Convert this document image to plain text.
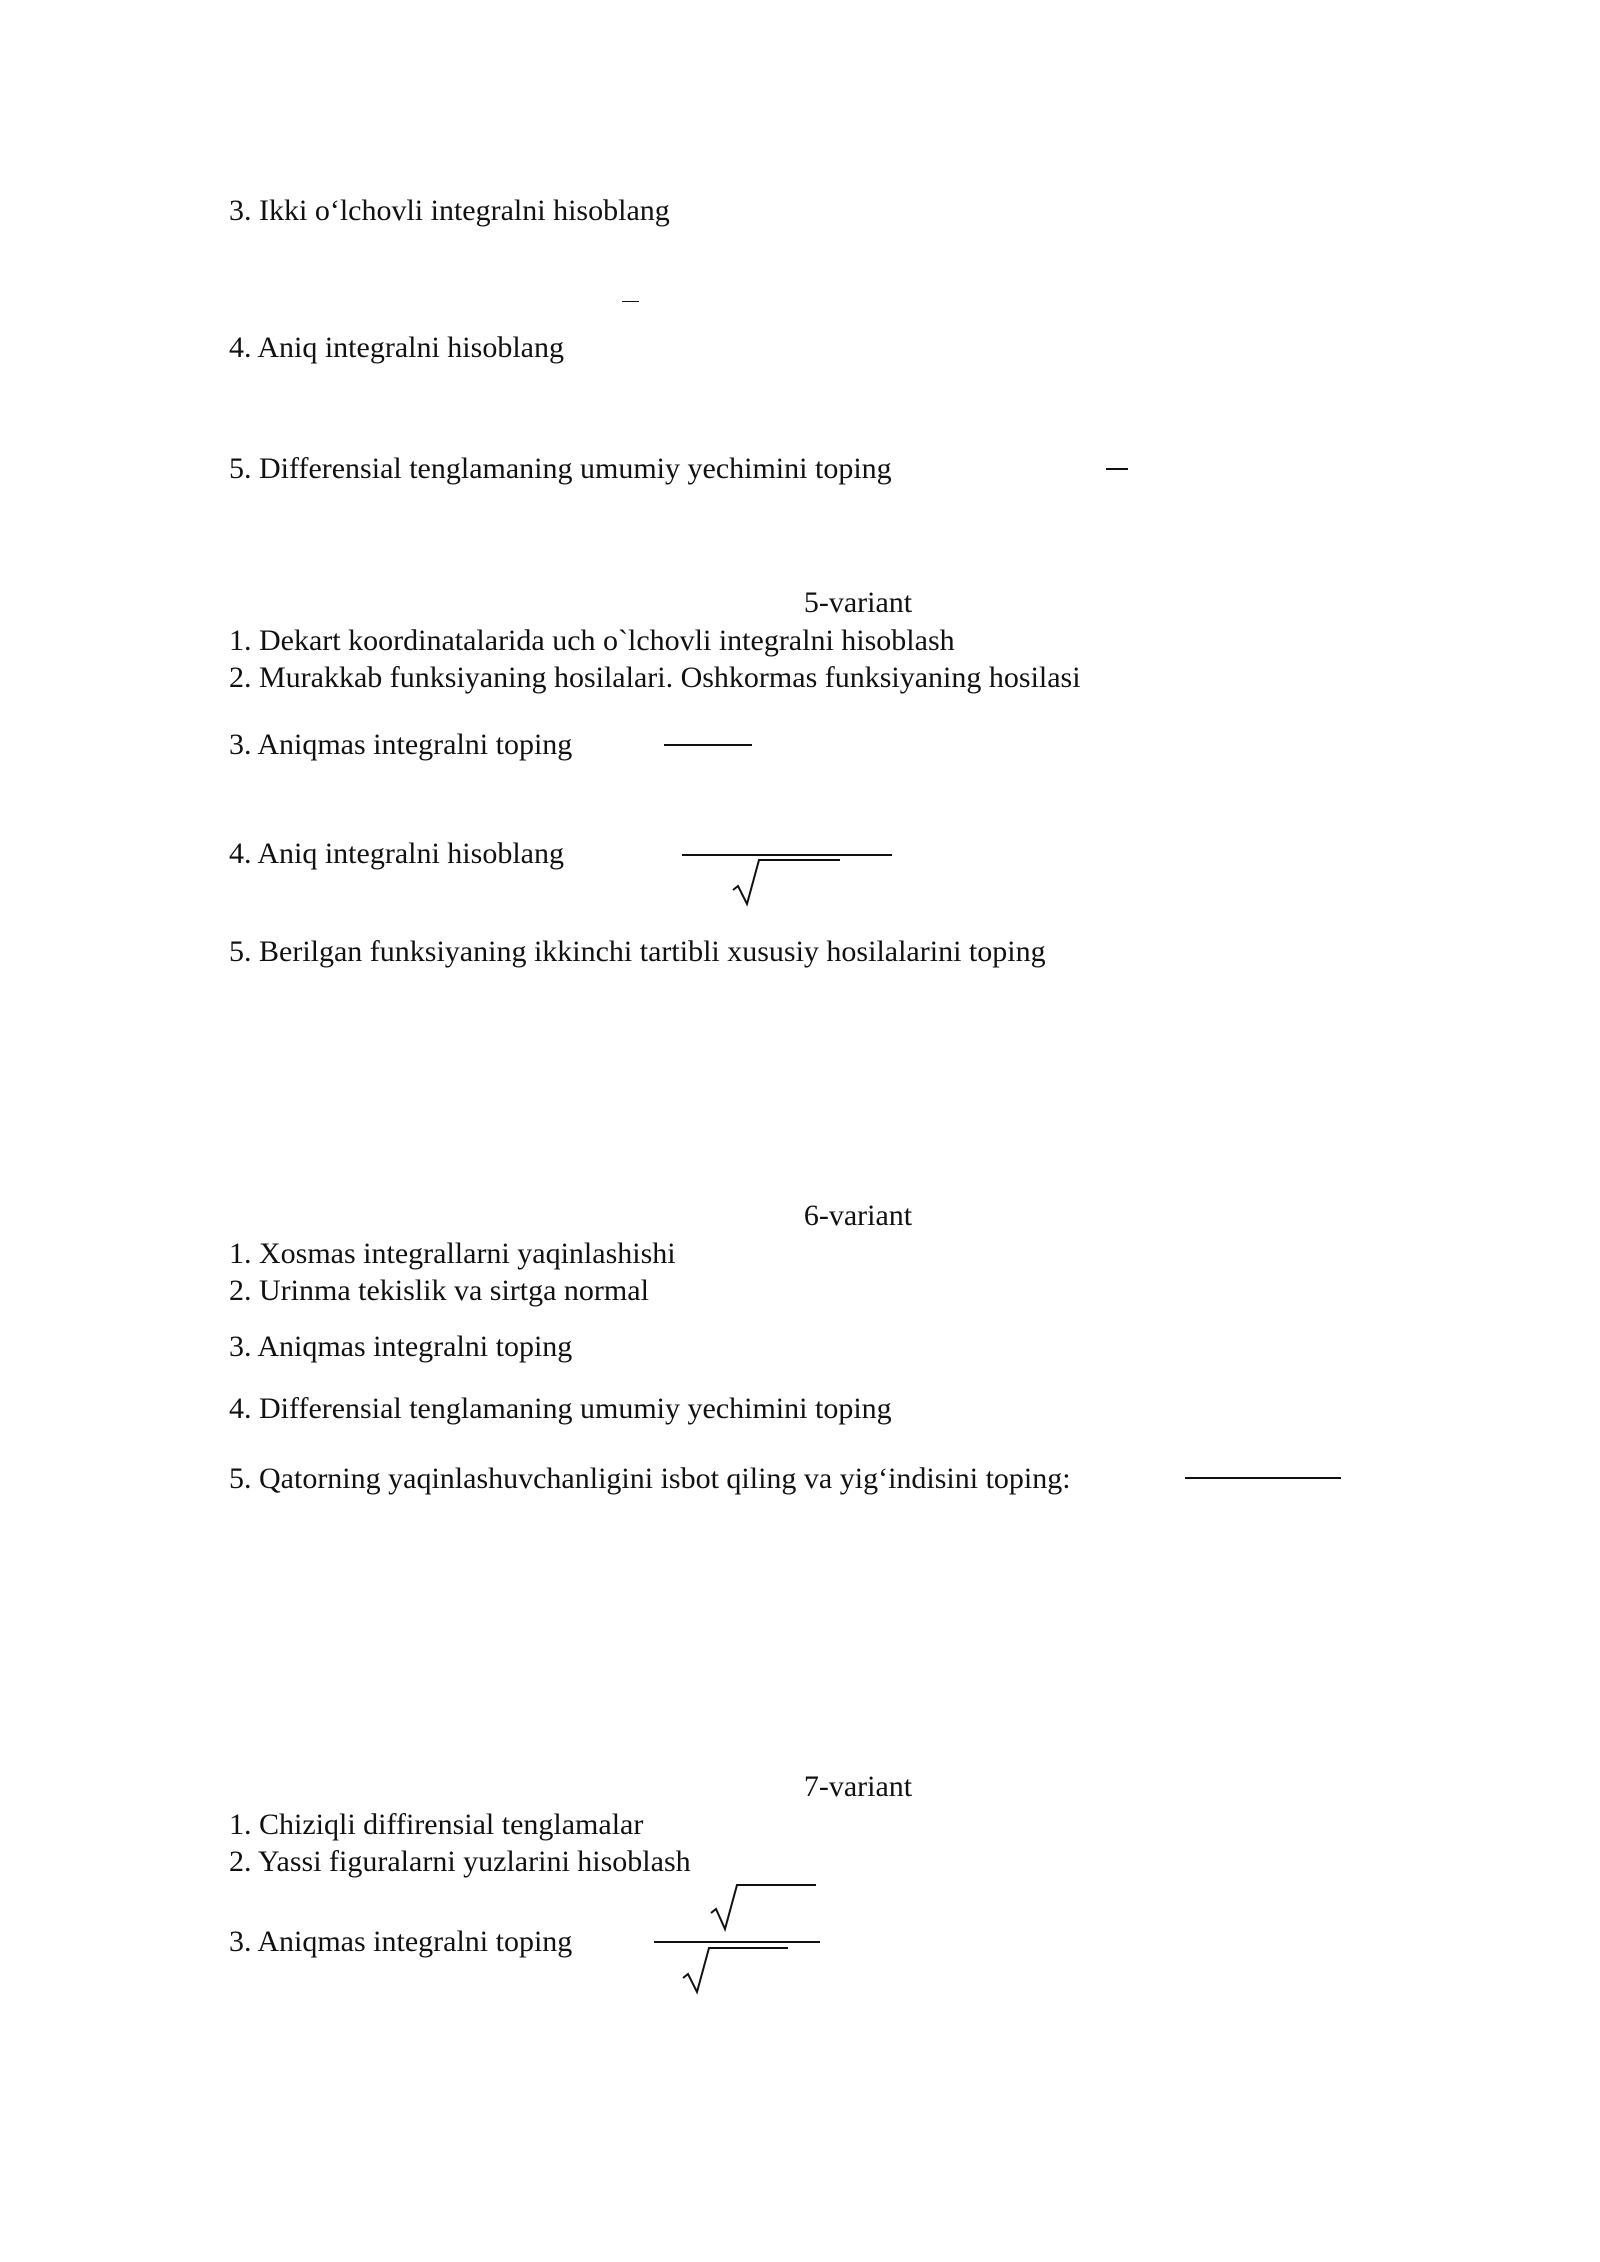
3. Ikki o‘lchovli integralni hisoblang
4. Aniq integralni hisoblang
5. Differensial tenglamaning umumiy yechimini toping
5-variant
1. Dekart koordinatalarida uch o`lchovli integralni hisoblash
2. Murakkab funksiyaning hosilalari. Oshkormas funksiyaning hosilasi
3. Aniqmas integralni toping
4. Aniq integralni hisoblang
5. Berilgan funksiyaning ikkinchi tartibli xususiy hosilalarini toping
6-variant
1. Xosmas integrallarni yaqinlashishi
2. Urinma tekislik va sirtga normal
3. Aniqmas integralni toping
4. Differensial tenglamaning umumiy yechimini toping
5. Qatorning yaqinlashuvchanligini isbot qiling va yig‘indisini toping:
7-variant
1. Chiziqli diffirensial tenglamalar
2. Yassi figuralarni yuzlarini hisoblash
3. Aniqmas integralni toping
